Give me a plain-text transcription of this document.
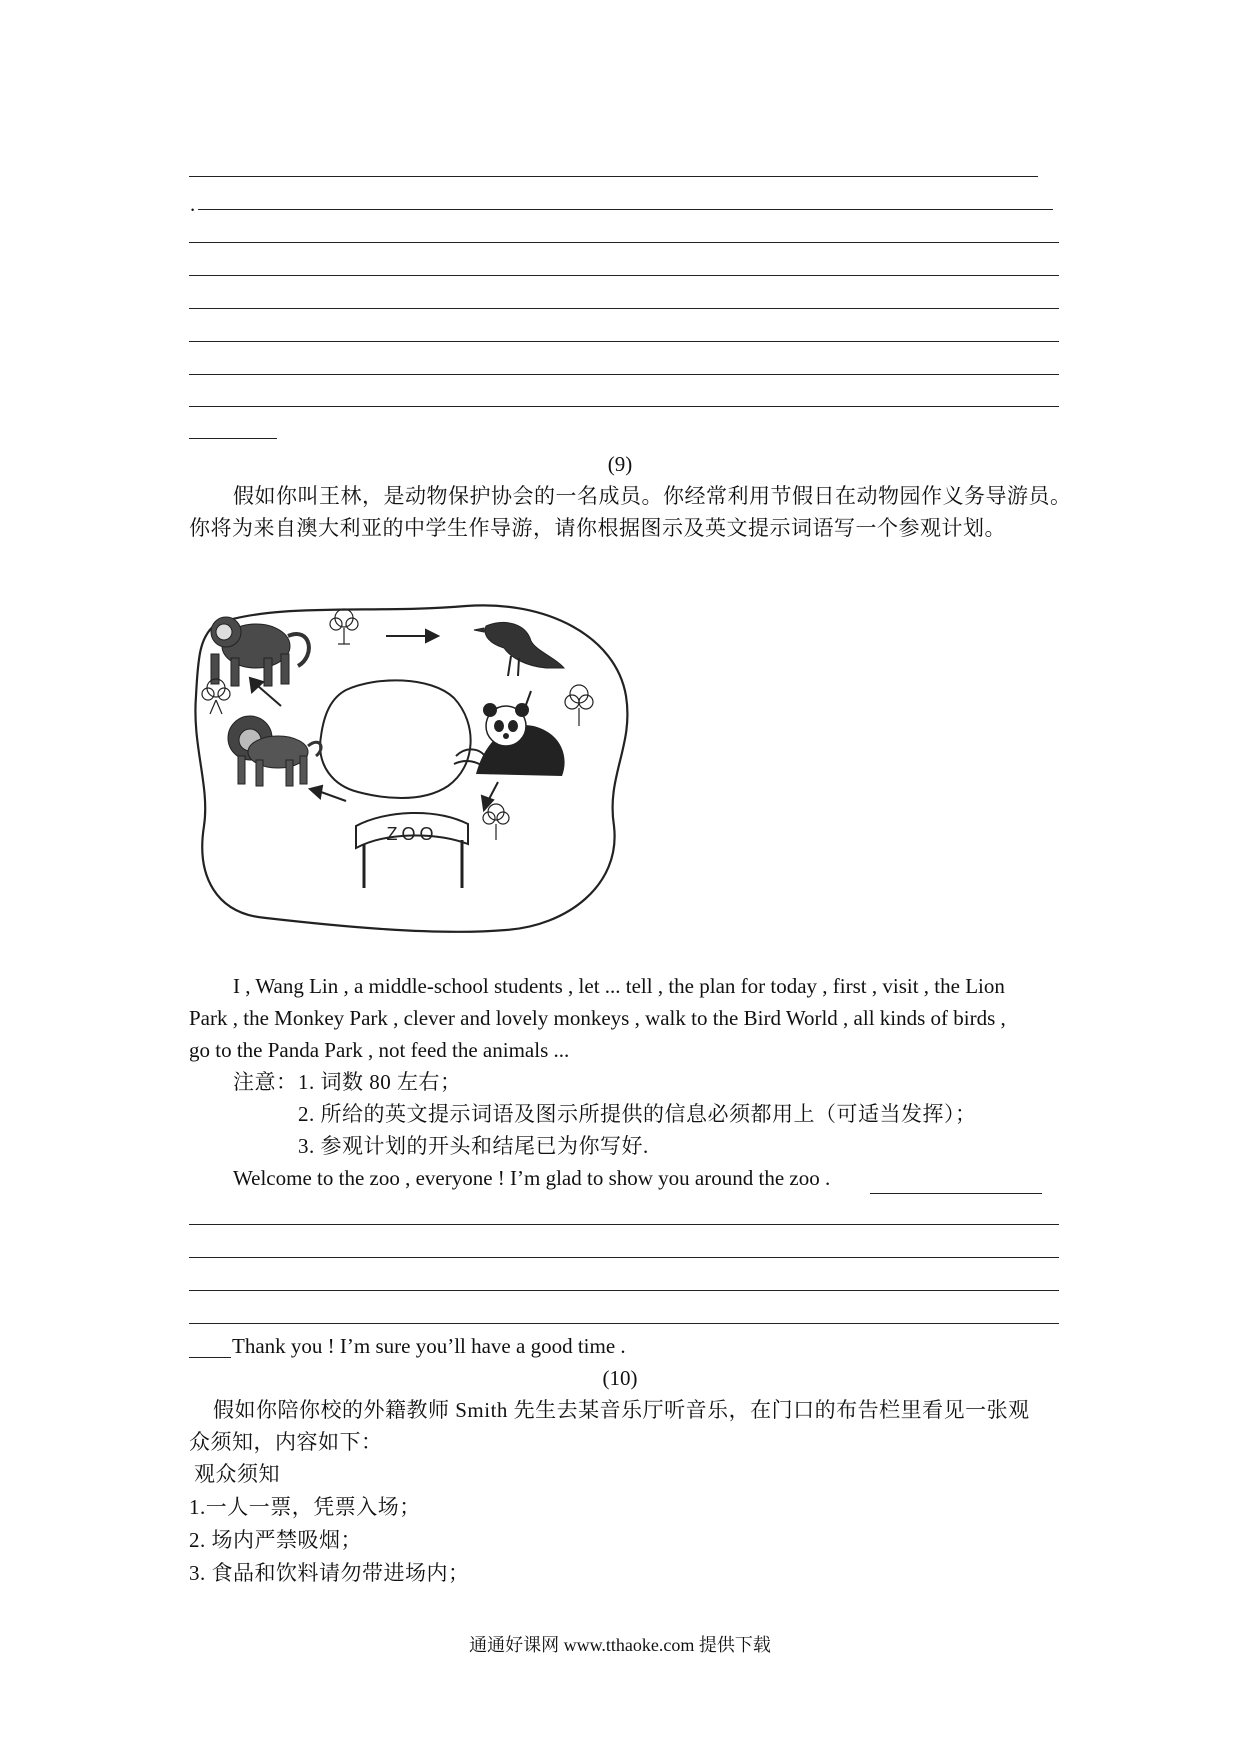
.
(9)
假如你叫王林，是动物保护协会的一名成员。你经常利用节假日在动物园作义务导游员。
你将为来自澳大利亚的中学生作导游，请你根据图示及英文提示词语写一个参观计划。
ZOO
I , Wang Lin , a middle-school students , let ... tell , the plan for today , first , visit , the Lion
Park , the Monkey Park , clever and lovely monkeys , walk to the Bird World , all kinds of birds ,
go to the Panda Park , not feed the animals ...
注意： 1. 词数 80 左右；
2. 所给的英文提示词语及图示所提供的信息必须都用上（可适当发挥）；
3. 参观计划的开头和结尾已为你写好.
Welcome to the zoo , everyone ! I’m glad to show you around the zoo .
Thank you ! I’m sure you’ll have a good time .
(10)
假如你陪你校的外籍教师 Smith 先生去某音乐厅听音乐，在门口的布告栏里看见一张观
众须知，内容如下：
观众须知
1.一人一票，凭票入场；
2. 场内严禁吸烟；
3. 食品和饮料请勿带进场内；
通通好课网 www.tthaoke.com 提供下载
